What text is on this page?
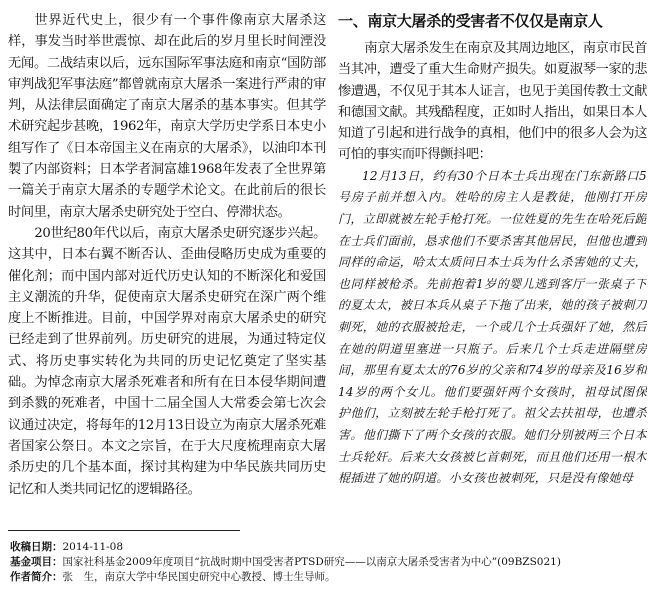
世界近代史上，很少有一个事件像南京大屠杀这样，事发当时举世震惊、却在此后的岁月里长时间湮没无闻。二战结束以后，远东国际军事法庭和南京“国防部审判战犯军事法庭”都曾就南京大屠杀一案进行严肃的审判，从法律层面确定了南京大屠杀的基本事实。但其学术研究起步甚晚，1962年，南京大学历史学系日本史小组写作了《日本帝国主义在南京的大屠杀》，以油印本刊製了内部资料；日本学者洞富雄1968年发表了全世界第一篇关于南京大屠杀的专题学术论文。在此前后的很长时间里，南京大屠杀史研究处于空白、停滞状态。

20世纪80年代以后，南京大屠杀史研究逐步兴起。这其中，日本右翼不断否认、歪曲侵略历史成为重要的催化剂；而中国内部对近代历史认知的不断深化和爱国主义潮流的升华，促使南京大屠杀史研究在深广两个维度上不断推进。目前，中国学界对南京大屠杀史的研究已经走到了世界前列。历史研究的进展，为通过特定仪式、将历史事实转化为共同的历史记忆奠定了坚实基础。为悼念南京大屠杀死难者和所有在日本侵华期间遭到杀戮的死难者，中国十二届全国人大常委会第七次会议通过决定，将每年的12月13日设立为南京大屠杀死难者国家公祭日。本文之宗旨，在于大尺度梳理南京大屠杀历史的几个基本面，探讨其构建为中华民族共同历史记忆和人类共同记忆的逻辑路径。

一、南京大屠杀的受害者不仅仅是南京人

南京大屠杀发生在南京及其周边地区，南京市民首当其冲，遭受了重大生命财产损失。如夏淑琴一家的悲惨遭遇，不仅见于其本人证言，也见于美国传教士文献和德国文献。其残酷程度，正如时人指出，如果日本人知道了引起和进行战争的真相，他们中的很多人会为这可怕的事实而吓得颤抖吧：

12月13日，约有30个日本士兵出现在门东新路口5号房子前并想入内。姓哈的房主人是教徒，他刚打开房门，立即就被左轮手枪打死。一位姓夏的先生在哈死后跪在士兵们面前，恳求他们不要杀害其他居民，但他也遭到同样的命运，哈太太质问日本士兵为什么杀害她的丈夫，也同样被枪杀。先前抱着1岁的婴儿逃到客厅一张桌子下的夏太太，被日本兵从桌子下拖了出来，她的孩子被刺刀刺死，她的衣服被抢走，一个或几个士兵强奸了她，然后在她的阴道里塞进一只瓶子。后来几个士兵走进隔壁房间，那里有夏太太的76岁的父亲和74岁的母亲及16岁和14岁的两个女儿。他们要强奸两个女孩时，祖母试图保护他们，立刻被左轮手枪打死了。祖父去扶祖母，也遭杀害。他们撕下了两个女孩的衣服。她们分别被两三个日本士兵轮奸。后来大女孩被匕首刺死，而且他们还用一根木棍插进了她的阴道。小女孩也被刺死，只是没有像她母

收稿日期：2014-11-08

基金项目：国家社科基金2009年度项目“抗战时期中国受害者PTSD研究——以南京大屠杀受害者为中心”(09BZS021)

作者简介：张　生，南京大学中华民国史研究中心教授、博士生导师。
